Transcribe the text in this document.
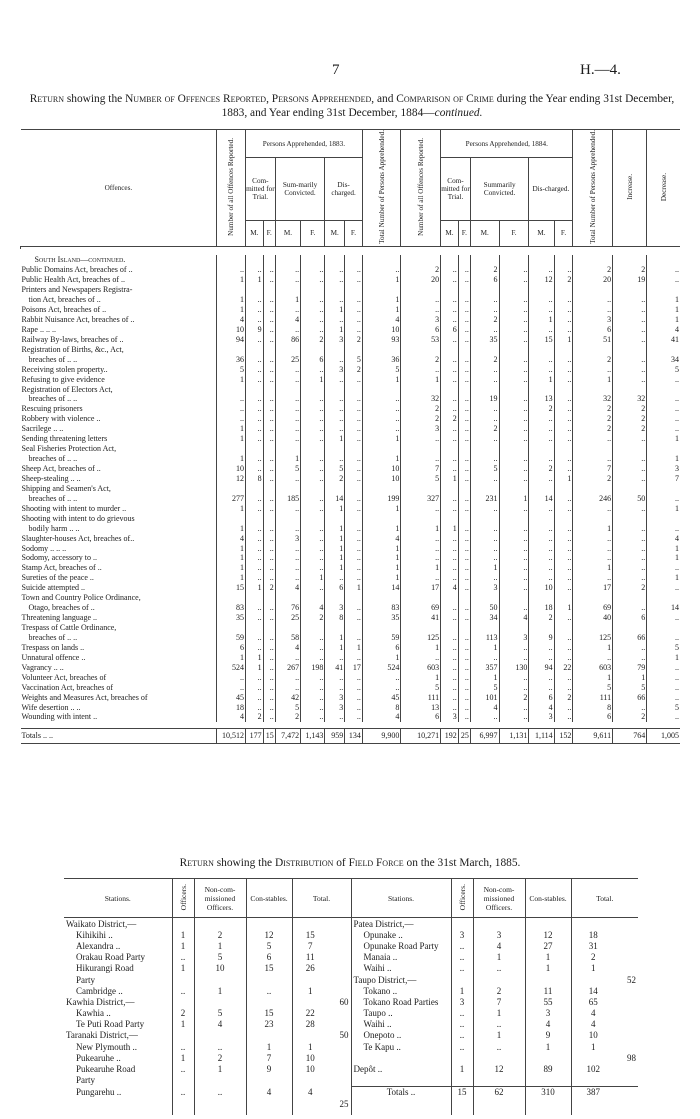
7	H.—4.
Return showing the Number of Offences Reported, Persons Apprehended, and Comparison of Crime during the Year ending 31st December, 1883, and Year ending 31st December, 1884—continued.
Offences.	Number of all Offences Reported.	Persons Apprehended, 1883.						Total Number of Persons Apprehended.	Number of all Offences Reported.	Persons Apprehended, 1884.						Total Number of Persons Apprehended.	Increase.	Decrease.
		Com-mitted for Trial.		Sum-marily Convicted.		Dis-charged.				Com-mitted for Trial.		Summarily Convicted.		Dis-charged.				
		M.	F.	M.	F.	M.	F.			M.	F.	M.	F.	M.	F.			

South Island—continued.																		
Public Domains Act, breaches of ..	..	..	..	..	..	..	..	..	2	..	..	2	..	..	..	2	2	..
Public Health Act, breaches of ..	1	1	..	..	..	..	..	1	20	..	..	6	..	12	2	20	19	..
Printers and Newspapers Registra-																		
tion Act, breaches of ..	1	..	..	1	..	..	..	1	..	..	..	..	..	..	..	..	..	1
Poisons Act, breaches of ..	1	..	..	..	..	1	..	1	..	..	..	..	..	..	..	..	..	1
Rabbit Nuisance Act, breaches of ..	4	..	..	4	..	..	..	4	3	..	..	2	..	1	..	3	..	1
Rape .. .. ..	10	9	..	..	..	1	..	10	6	6	..	..	..	..	..	6	..	4
Railway By-laws, breaches of ..	94	..	..	86	2	3	2	93	53	..	..	35	..	15	1	51	..	41
Registration of Births, &c., Act,																		
breaches of .. ..	36	..	..	25	6	..	5	36	2	..	..	2	..	..	..	2	..	34
Receiving stolen property..	5	..	..	..	..	3	2	5	..	..	..	..	..	..	..	..	..	5
Refusing to give evidence	1	..	..	..	1	..	..	1	1	..	..	..	..	1	..	1	..	..
Registration of Electors Act,																		
breaches of .. ..	..	..	..	..	..	..	..	..	32	..	..	19	..	13	..	32	32	..
Rescuing prisoners	..	..	..	..	..	..	..	..	2	..	..	..	..	2	..	2	2	..
Robbery with violence ..	..	..	..	..	..	..	..	..	2	2	..	..	..	..	..	2	2	..
Sacrilege .. ..	1	..	..	..	..	..	..	..	3	..	..	2	..	..	..	2	2	..
Sending threatening letters	1	..	..	..	..	1	..	1	..	..	..	..	..	..	..	..	..	1
Seal Fisheries Protection Act,																		
breaches of .. ..	1	..	..	1	..	..	..	1	..	..	..	..	..	..	..	..	..	1
Sheep Act, breaches of ..	10	..	..	5	..	5	..	10	7	..	..	5	..	2	..	7	..	3
Sheep-stealing .. ..	12	8	..	..	..	2	..	10	5	1	..	..	..	..	1	2	..	7
Shipping and Seamen's Act,																		
breaches of .. ..	277	..	..	185	..	14	..	199	327	..	..	231	1	14	..	246	50	..
Shooting with intent to murder ..	1	..	..	..	..	1	..	1	..	..	..	..	..	..	..	..	..	1
Shooting with intent to do grievous																		
bodily harm .. ..	1	..	..	..	..	1	..	1	1	1	..	..	..	..	..	1	..	..
Slaughter-houses Act, breaches of..	4	..	..	3	..	1	..	4	..	..	..	..	..	..	..	..	..	4
Sodomy .. .. ..	1	..	..	..	..	1	..	1	..	..	..	..	..	..	..	..	..	1
Sodomy, accessory to ..	1	..	..	..	..	1	..	1	..	..	..	..	..	..	..	..	..	1
Stamp Act, breaches of ..	1	..	..	..	..	1	..	1	1	..	..	1	..	..	..	1	..	..
Sureties of the peace ..	1	..	..	..	1	..	..	1	..	..	..	..	..	..	..	..	..	1
Suicide attempted ..	15	1	2	4	..	6	1	14	17	4	..	3	..	10	..	17	2	..
Town and Country Police Ordinance,																		
Otago, breaches of ..	83	..	..	76	4	3	..	83	69	..	..	50	..	18	1	69	..	14
Threatening language ..	35	..	..	25	2	8	..	35	41	..	..	34	4	2	..	40	6	..
Trespass of Cattle Ordinance,																		
breaches of .. ..	59	..	..	58	..	1	..	59	125	..	..	113	3	9	..	125	66	..
Trespass on lands ..	6	..	..	4	..	1	1	6	1	..	..	1	..	..	..	1	..	5
Unnatural offence ..	1	1	..	..	..	..	..	1	..	..	..	..	..	..	..	..	..	1
Vagrancy .. ..	524	1	..	267	198	41	17	524	603	..	..	357	130	94	22	603	79	..
Volunteer Act, breaches of	..	..	..	..	..	..	..	..	1	..	..	1	..	..	..	1	1	..
Vaccination Act, breaches of	..	..	..	..	..	..	..	..	5	..	..	5	..	..	..	5	5	..
Weights and Measures Act, breaches of	45	..	..	42	..	3	..	45	111	..	..	101	2	6	2	111	66	..
Wife desertion .. ..	18	..	..	5	..	3	..	8	13	..	..	4	..	4	..	8	..	5
Wounding with intent ..	4	2	..	2	..	..	..	4	6	3	..	..	..	3	..	6	2	..

Totals .. ..	10,512	177	15	7,472	1,143	959	134	9,900	10,271	192	25	6,997	1,131	1,114	152	9,611	764	1,005
Return showing the Distribution of Field Force on the 31st March, 1885.
Stations.	Officers.	Non-com-missioned Officers.	Con-stables.	Total.		Stations.	Officers.	Non-com-missioned Officers.	Con-stables.	Total.	
Waikato District,—						Patea District,—					
Kihikihi ..	1	2	12	15		Opunake ..	3	3	12	18	
Alexandra ..	1	1	5	7		Opunake Road Party	..	4	27	31	
Orakau Road Party	..	5	6	11		Manaia ..	..	1	1	2	
Hikurangi Road	1	10	15	26		Waihi ..	..	..	1	1	
Party						Taupo District,—					52
Cambridge ..	..	1	..	1		Tokano ..	1	2	11	14	
Kawhia District,—					60	Tokano Road Parties	3	7	55	65	
Kawhia ..	2	5	15	22		Taupo ..	..	1	3	4	
Te Puti Road Party	1	4	23	28		Waihi ..	..	..	4	4	
Taranaki District,—					50	Onepoto ..	..	1	9	10	
New Plymouth ..	..	..	1	1		Te Kapu ..	..	..	1	1	
Pukearuhe ..	1	2	7	10							98
Pukearuhe Road	..	1	9	10		Depôt ..	1	12	89	102	
Party											
Pungarehu ..	..	..	4	4		Totals ..	15	62	310	387	
					25						
